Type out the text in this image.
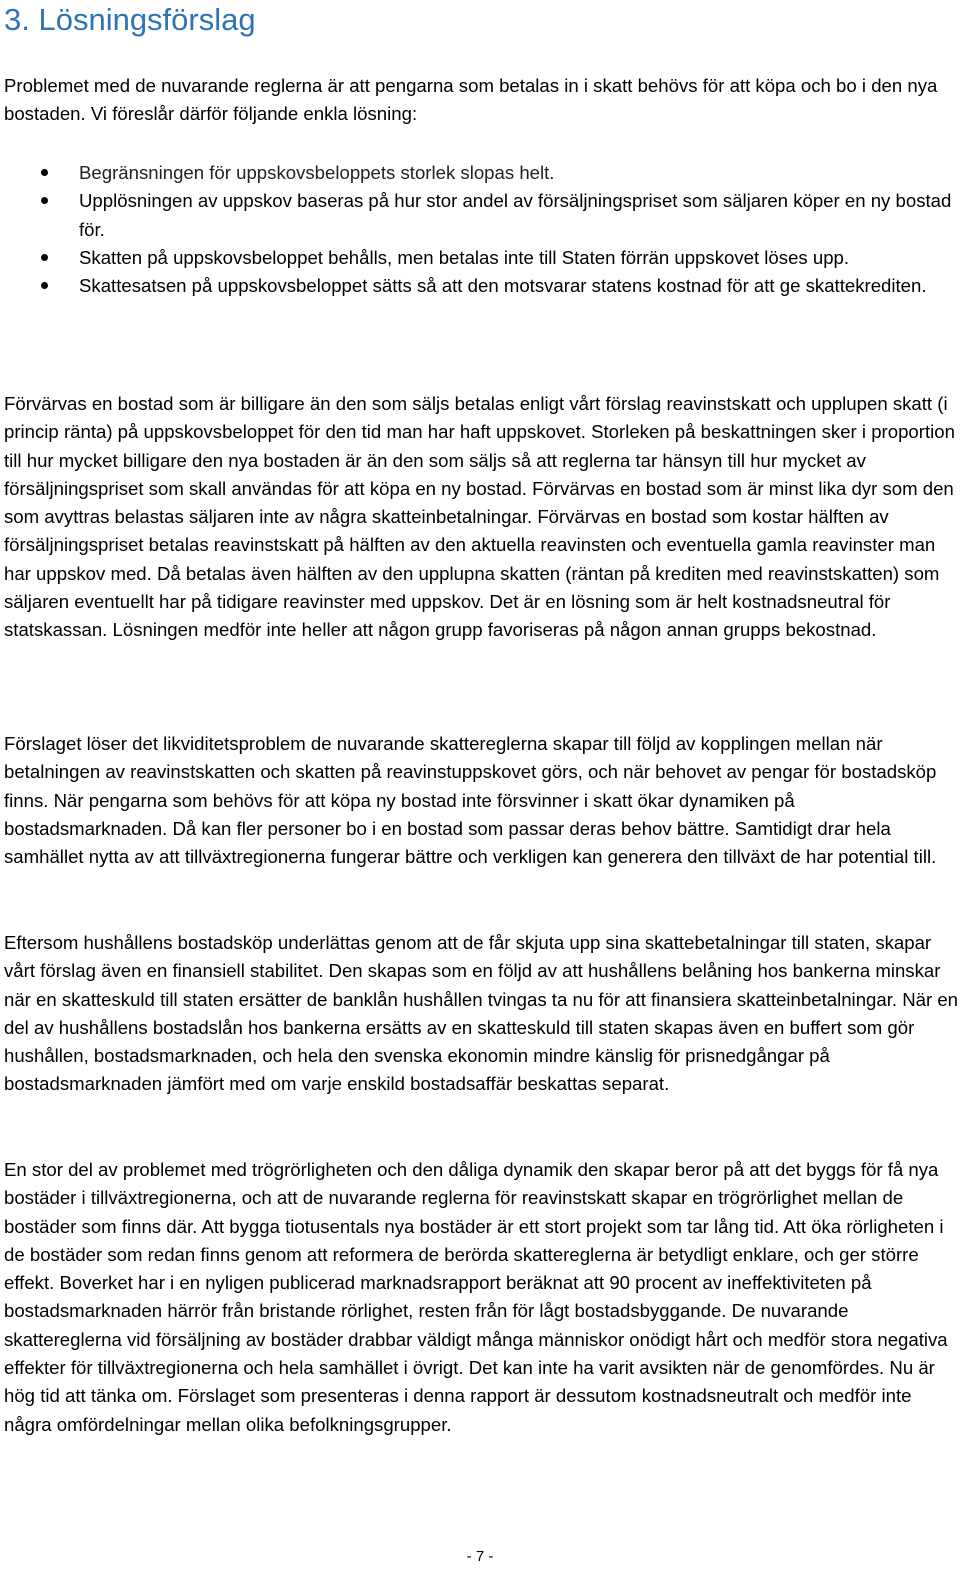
3. Lösningsförslag

Problemet med de nuvarande reglerna är att pengarna som betalas in i skatt behövs för att köpa och bo i den nya bostaden. Vi föreslår därför följande enkla lösning:

Begränsningen för uppskovsbeloppets storlek slopas helt.
Upplösningen av uppskov baseras på hur stor andel av försäljningspriset som säljaren köper en ny bostad för.
Skatten på uppskovsbeloppet behålls, men betalas inte till Staten förrän uppskovet löses upp.
Skattesatsen på uppskovsbeloppet sätts så att den motsvarar statens kostnad för att ge skattekrediten.

Förvärvas en bostad som är billigare än den som säljs betalas enligt vårt förslag reavinstskatt och upplupen skatt (i princip ränta) på uppskovsbeloppet för den tid man har haft uppskovet. Storleken på beskattningen sker i proportion till hur mycket billigare den nya bostaden är än den som säljs så att reglerna tar hänsyn till hur mycket av försäljningspriset som skall användas för att köpa en ny bostad. Förvärvas en bostad som är minst lika dyr som den som avyttras belastas säljaren inte av några skatteinbetalningar. Förvärvas en bostad som kostar hälften av försäljningspriset betalas reavinstskatt på hälften av den aktuella reavinsten och eventuella gamla reavinster man har uppskov med. Då betalas även hälften av den upplupna skatten (räntan på krediten med reavinstskatten) som säljaren eventuellt har på tidigare reavinster med uppskov. Det är en lösning som är helt kostnadsneutral för statskassan. Lösningen medför inte heller att någon grupp favoriseras på någon annan grupps bekostnad.

Förslaget löser det likviditetsproblem de nuvarande skattereglerna skapar till följd av kopplingen mellan när betalningen av reavinstskatten och skatten på reavinstuppskovet görs, och när behovet av pengar för bostadsköp finns. När pengarna som behövs för att köpa ny bostad inte försvinner i skatt ökar dynamiken på bostadsmarknaden. Då kan fler personer bo i en bostad som passar deras behov bättre. Samtidigt drar hela samhället nytta av att tillväxtregionerna fungerar bättre och verkligen kan generera den tillväxt de har potential till.

Eftersom hushållens bostadsköp underlättas genom att de får skjuta upp sina skattebetalningar till staten, skapar vårt förslag även en finansiell stabilitet. Den skapas som en följd av att hushållens belåning hos bankerna minskar när en skatteskuld till staten ersätter de banklån hushållen tvingas ta nu för att finansiera skatteinbetalningar. När en del av hushållens bostadslån hos bankerna ersätts av en skatteskuld till staten skapas även en buffert som gör hushållen, bostadsmarknaden, och hela den svenska ekonomin mindre känslig för prisnedgångar på bostadsmarknaden jämfört med om varje enskild bostadsaffär beskattas separat.

En stor del av problemet med trögrörligheten och den dåliga dynamik den skapar beror på att det byggs för få nya bostäder i tillväxtregionerna, och att de nuvarande reglerna för reavinstskatt skapar en trögrörlighet mellan de bostäder som finns där. Att bygga tiotusentals nya bostäder är ett stort projekt som tar lång tid. Att öka rörligheten i de bostäder som redan finns genom att reformera de berörda skattereglerna är betydligt enklare, och ger större effekt. Boverket har i en nyligen publicerad marknadsrapport beräknat att 90 procent av ineffektiviteten på bostadsmarknaden härrör från bristande rörlighet, resten från för lågt bostadsbyggande. De nuvarande skattereglerna vid försäljning av bostäder drabbar väldigt många människor onödigt hårt och medför stora negativa effekter för tillväxtregionerna och hela samhället i övrigt. Det kan inte ha varit avsikten när de genomfördes. Nu är hög tid att tänka om. Förslaget som presenteras i denna rapport är dessutom kostnadsneutralt och medför inte några omfördelningar mellan olika befolkningsgrupper.

- 7 -
